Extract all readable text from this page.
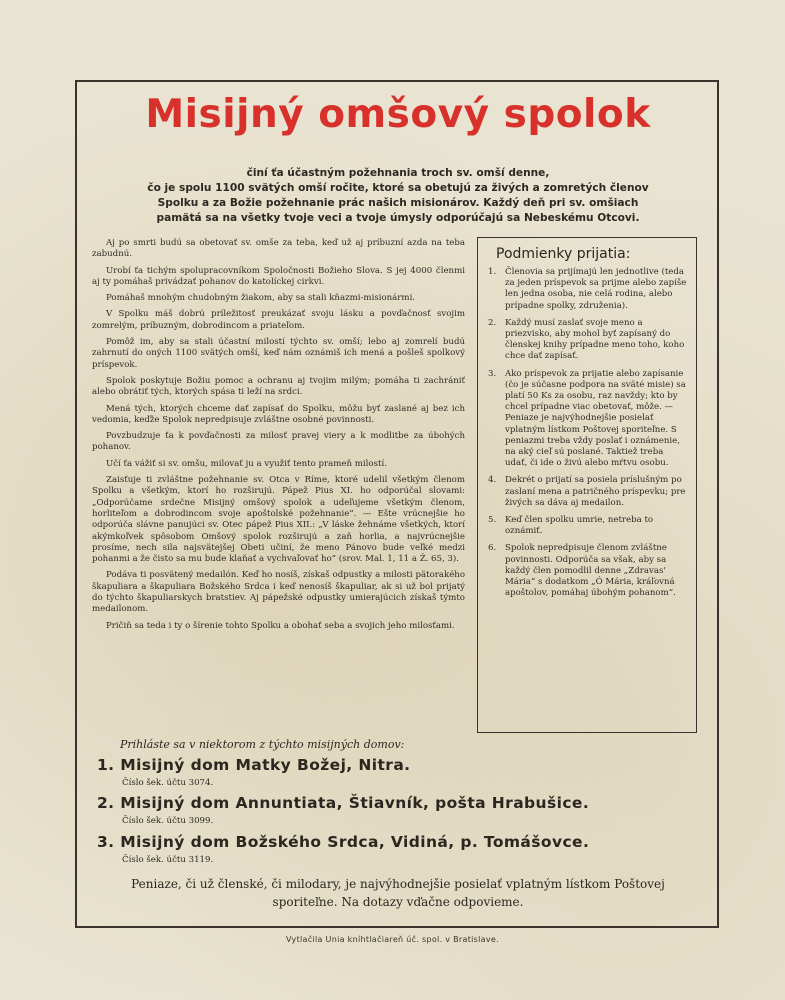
Misijný omšový spolok
činí ťa účastným požehnania troch sv. omší denne,
čo je spolu 1100 svätých omší ročite, ktoré sa obetujú za živých a zomretých členov
Spolku a za Božie požehnanie prác našich misionárov. Každý deň pri sv. omšiach
pamätá sa na všetky tvoje veci a tvoje úmysly odporúčajú sa Nebeskému Otcovi.

Aj po smrti budú sa obetovať sv. omše za teba, keď už aj príbuzní azda na teba zabudnú.

Urobí ťa tichým spolupracovníkom Spoločnosti Božieho Slova. S jej 4000 členmi aj ty pomáhaš privádzať pohanov do katolíckej cirkvi.

Pomáhaš mnohým chudobným žiakom, aby sa stali kňazmi-misionármi.

V Spolku máš dobrú príležitosť preukázať svoju lásku a povďačnosť svojim zomrelým, príbuzným, dobrodincom a priateľom.

Pomôž im, aby sa stali účastní milostí týchto sv. omší; lebo aj zomrelí budú zahrnutí do oných 1100 svätých omší, keď nám oznámiš ich mená a pošleš spolkový príspevok.

Spolok poskytuje Božiu pomoc a ochranu aj tvojim milým; pomáha ti zachrániť alebo obrátiť tých, ktorých spása ti leží na srdci.

Mená tých, ktorých chceme dať zapísať do Spolku, môžu byť zaslané aj bez ich vedomia, keďže Spolok nepredpisuje zvláštne osobné povinnosti.

Povzbudzuje ťa k povďačnosti za milosť pravej viery a k modlitbe za úbohých pohanov.

Učí ťa vážiť si sv. omšu, milovať ju a využiť tento prameň milostí.

Zaisťuje ti zvláštne požehnanie sv. Otca v Ríme, ktoré udelil všetkým členom Spolku a všetkým, ktorí ho rozširujú. Pápež Pius XI. ho odporúčal slovami: „Odporúčame srdečne Misijný omšový spolok a udeľujeme všetkým členom, horliteľom a dobrodincom svoje apoštolské požehnanie“. — Ešte vrúcnejšie ho odporúča slávne panujúci sv. Otec pápež Pius XII.: „V láske žehnáme všetkých, ktorí akýmkoľvek spôsobom Omšový spolok rozširujú a zaň horlia, a najvrúcnejšie prosíme, nech sila najsvätejšej Obeti učiní, že meno Pánovo bude veľké medzi pohanmi a že čisto sa mu bude klaňať a vychvaľovať ho“ (srov. Mal. 1, 11 a Ž. 65, 3).

Podáva ti posvätený medailón. Keď ho nosíš, získaš odpustky a milosti pätorakého škapuliara a škapuliara Božského Srdca i keď nenosíš škapuliar, ak si už bol prijatý do týchto škapuliarskych bratstiev. Aj pápežské odpustky umierajúcich získaš týmto medailonom.

Pričiň sa teda i ty o šírenie tohto Spolku a obohať seba a svojich jeho milosťami.

Podmienky prijatia:
1. Členovia sa prijímajú len jednotlive (teda za jeden príspevok sa prijme alebo zapíše len jedna osoba, nie celá rodina, alebo prípadne spolky, združenia).
2. Každý musí zaslať svoje meno a priezvisko, aby mohol byť zapísaný do členskej knihy prípadne meno toho, koho chce dať zapísať.
3. Ako príspevok za prijatie alebo zapísanie (čo je súčasne podpora na sväté misie) sa platí 50 Ks za osobu, raz navždy; kto by chcel prípadne viac obetovať, môže. — Peniaze je najvýhodnejšie posielať vplatným lístkom Poštovej sporiteľne. S peniazmi treba vždy poslať i oznámenie, na aký cieľ sú poslané. Taktiež treba udať, či ide o živú alebo mŕtvu osobu.
4. Dekrét o prijatí sa posiela príslušným po zaslaní mena a patričného príspevku; pre živých sa dáva aj medailon.
5. Keď člen spolku umrie, netreba to oznámiť.
6. Spolok nepredpisuje členom zvláštne povinnosti. Odporúča sa však, aby sa každý člen pomodlil denne „Zdravas' Mária“ s dodatkom „Ó Mária, kráľovná apoštolov, pomáhaj úbohým pohanom“.
Prihláste sa v niektorom z týchto misijných domov:
1. Misijný dom Matky Božej, Nitra.
Číslo šek. účtu 3074.
2. Misijný dom Annuntiata, Štiavník, pošta Hrabušice.
Číslo šek. účtu 3099.
3. Misijný dom Božského Srdca, Vidiná, p. Tomášovce.
Číslo šek. účtu 3119.
Peniaze, či už členské, či milodary, je najvýhodnejšie posielať vplatným lístkom Poštovej
sporiteľne. Na dotazy vďačne odpovieme.
Vytlačila Unia kníhtlačiareň úč. spol. v Bratislave.
